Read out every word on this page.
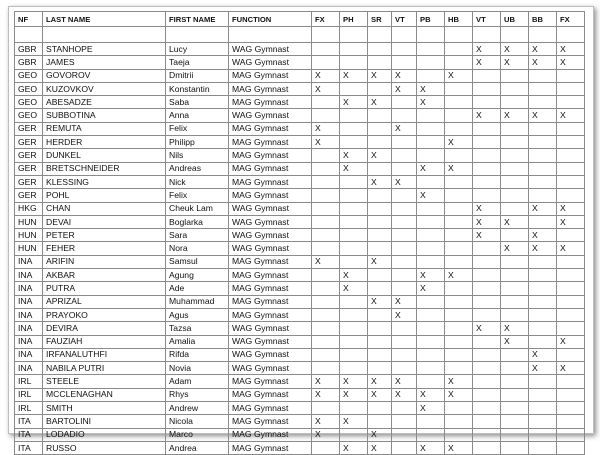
NF	LAST NAME	FIRST NAME	FUNCTION	FX	PH	SR	VT	PB	HB	VT	UB	BB	FX

GBR	STANHOPE	Lucy	WAG Gymnast							X	X	X	X
GBR	JAMES	Taeja	WAG Gymnast							X	X	X	X
GEO	GOVOROV	Dmitrii	MAG Gymnast	X	X	X	X		X				
GEO	KUZOVKOV	Konstantin	MAG Gymnast	X			X	X					
GEO	ABESADZE	Saba	MAG Gymnast		X	X		X					
GEO	SUBBOTINA	Anna	WAG Gymnast							X	X	X	X
GER	REMUTA	Felix	MAG Gymnast	X			X						
GER	HERDER	Philipp	MAG Gymnast	X					X				
GER	DUNKEL	Nils	MAG Gymnast		X	X							
GER	BRETSCHNEIDER	Andreas	MAG Gymnast		X			X	X				
GER	KLESSING	Nick	MAG Gymnast			X	X						
GER	POHL	Felix	MAG Gymnast					X					
HKG	CHAN	Cheuk Lam	WAG Gymnast							X		X	X
HUN	DEVAI	Boglarka	WAG Gymnast							X	X		X
HUN	PETER	Sara	WAG Gymnast							X		X	
HUN	FEHER	Nora	WAG Gymnast								X	X	X
INA	ARIFIN	Samsul	MAG Gymnast	X		X							
INA	AKBAR	Agung	MAG Gymnast		X			X	X				
INA	PUTRA	Ade	MAG Gymnast		X			X					
INA	APRIZAL	Muhammad	MAG Gymnast			X	X						
INA	PRAYOKO	Agus	MAG Gymnast				X						
INA	DEVIRA	Tazsa	WAG Gymnast							X	X		
INA	FAUZIAH	Amalia	WAG Gymnast								X		X
INA	IRFANALUTHFI	Rifda	WAG Gymnast									X	
INA	NABILA PUTRI	Novia	WAG Gymnast									X	X
IRL	STEELE	Adam	MAG Gymnast	X	X	X	X		X				
IRL	MCCLENAGHAN	Rhys	MAG Gymnast	X	X	X	X	X	X				
IRL	SMITH	Andrew	MAG Gymnast					X					
ITA	BARTOLINI	Nicola	MAG Gymnast	X	X								
ITA	LODADIO	Marco	MAG Gymnast	X		X							
ITA	RUSSO	Andrea	MAG Gymnast		X	X		X	X				
